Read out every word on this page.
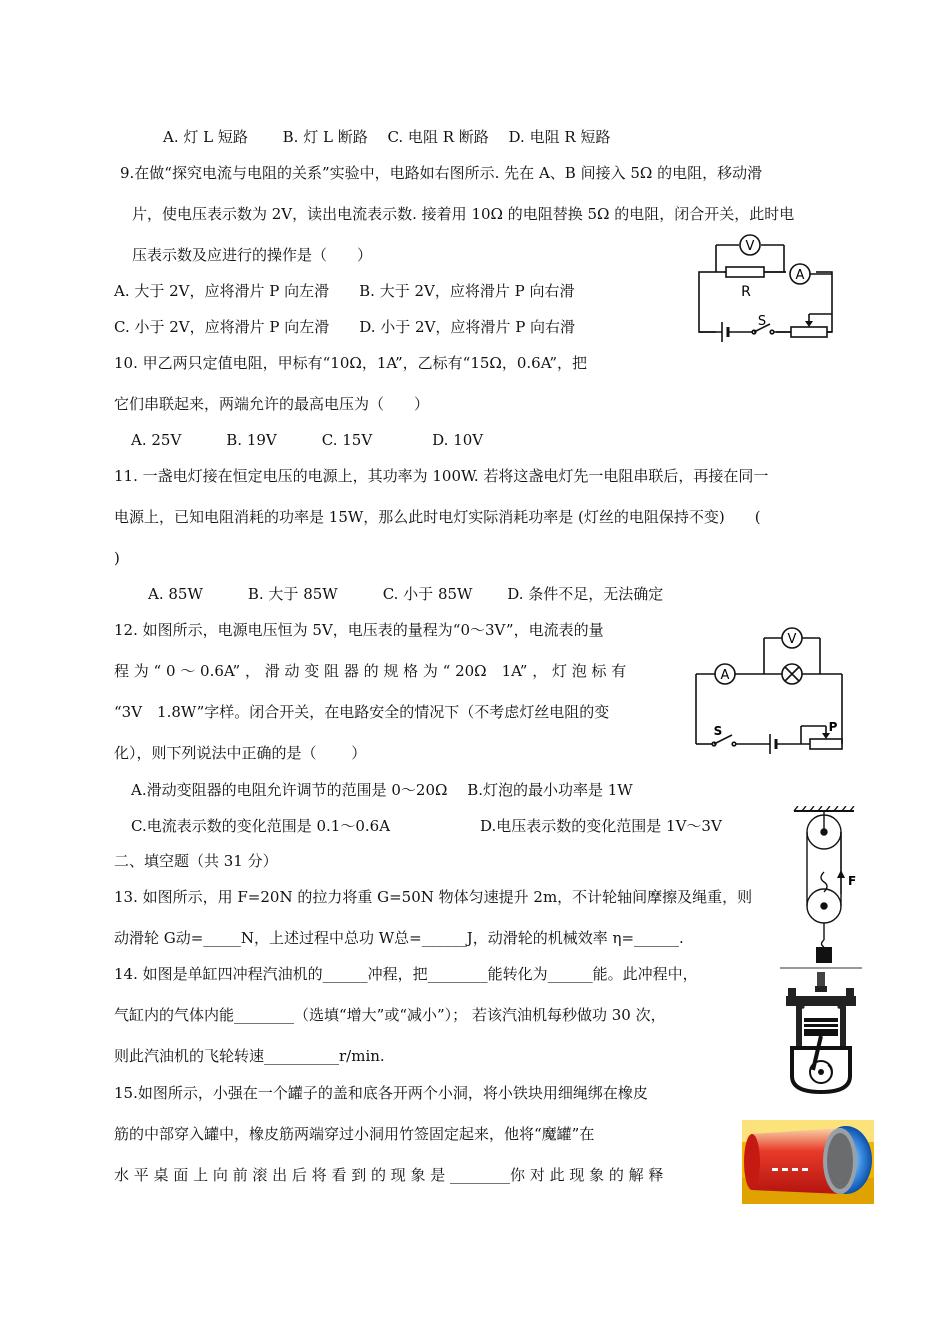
A. 灯 L 短路　　 B. 灯 L 断路　 C. 电阻 R 断路　 D. 电阻 R 短路
9.在做“探究电流与电阻的关系”实验中，电路如右图所示. 先在 A、B 间接入 5Ω 的电阻，移动滑
片，使电压表示数为 2V，读出电流表示数. 接着用 10Ω 的电阻替换 5Ω 的电阻，闭合开关，此时电
压表示数及应进行的操作是（　　）
A. 大于 2V，应将滑片 P 向左滑　　B. 大于 2V，应将滑片 P 向右滑
C. 小于 2V，应将滑片 P 向左滑　　D. 小于 2V，应将滑片 P 向右滑
10. 甲乙两只定值电阻，甲标有“10Ω，1A”，乙标有“15Ω，0.6A”，把
它们串联起来，两端允许的最高电压为（　　）
A. 25V　　　B. 19V　　　C. 15V　　　　D. 10V
11. 一盏电灯接在恒定电压的电源上，其功率为 100W. 若将这盏电灯先一电阻串联后，再接在同一
电源上，已知电阻消耗的功率是 15W，那么此时电灯实际消耗功率是 (灯丝的电阻保持不变)　　(
)
A. 85W　　　B. 大于 85W　　　C. 小于 85W　　 D. 条件不足，无法确定
12. 如图所示，电源电压恒为 5V，电压表的量程为“0～3V”，电流表的量
程 为 “ 0 ～ 0.6A” ， 滑 动 变 阻 器 的 规 格 为 “ 20Ω　1A” ， 灯 泡 标 有
“3V　1.8W”字样。闭合开关，在电路安全的情况下（不考虑灯丝电阻的变
化），则下列说法中正确的是（　　 ）
A.滑动变阻器的电阻允许调节的范围是 0～20Ω　 B.灯泡的最小功率是 1W
C.电流表示数的变化范围是 0.1～0.6A　　　　　　D.电压表示数的变化范围是 1V～3V
二、填空题（共 31 分）
13. 如图所示，用 F=20N 的拉力将重 G=50N 物体匀速提升 2m，不计轮轴间摩擦及绳重，则
动滑轮 G动=_____N，上述过程中总功 W总=______J，动滑轮的机械效率 η=______.
14. 如图是单缸四冲程汽油机的______冲程，把________能转化为______能。此冲程中，
气缸内的气体内能________（选填“增大”或“减小”）； 若该汽油机每秒做功 30 次，
则此汽油机的飞轮转速__________r/min.
15.如图所示，小强在一个罐子的盖和底各开两个小洞，将小铁块用细绳绑在橡皮
筋的中部穿入罐中，橡皮筋两端穿过小洞用竹签固定起来，他将“魔罐”在
水 平 桌 面 上 向 前 滚 出 后 将 看 到 的 现 象 是 ________你 对 此 现 象 的 解 释
V
A
R
S
A
V
S	P
F
